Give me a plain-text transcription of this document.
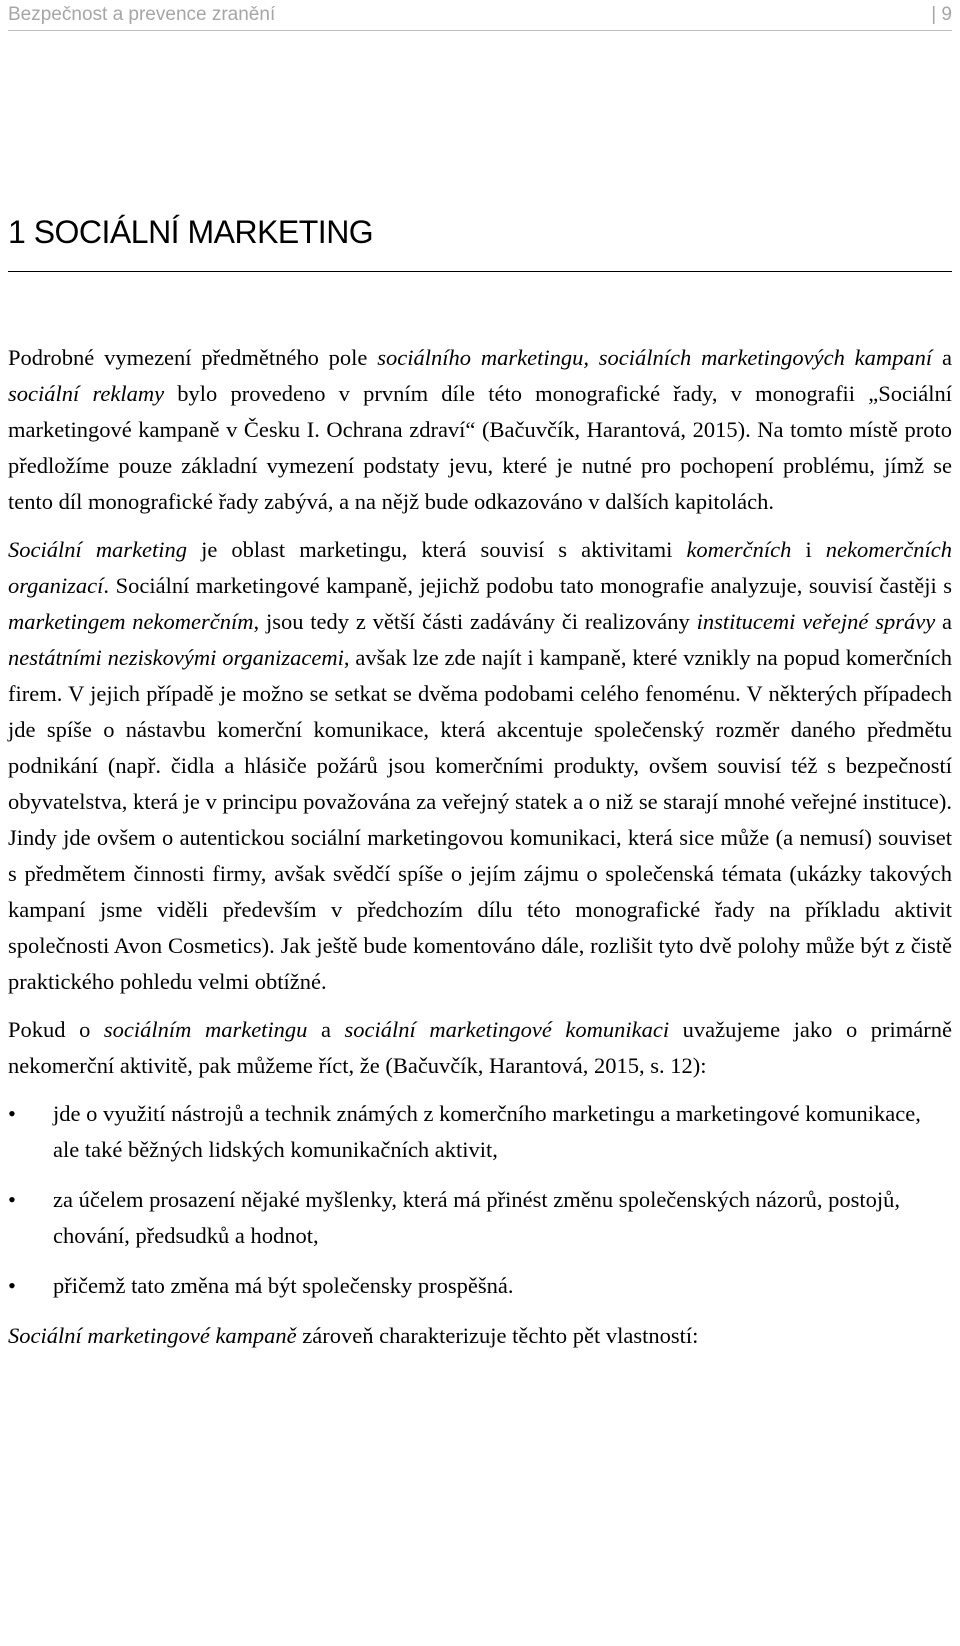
Bezpečnost a prevence zranění	| 9
1 SOCIÁLNÍ MARKETING

Podrobné vymezení předmětného pole sociálního marketingu, sociálních marketingových kampaní a sociální reklamy bylo provedeno v prvním díle této monografické řady, v monografii „Sociální marketingové kampaně v Česku I. Ochrana zdraví“ (Bačuvčík, Harantová, 2015). Na tomto místě proto předložíme pouze základní vymezení podstaty jevu, které je nutné pro pochopení problému, jímž se tento díl monografické řady zabývá, a na nějž bude odkazováno v dalších kapitolách.

Sociální marketing je oblast marketingu, která souvisí s aktivitami komerčních i nekomerčních organizací. Sociální marketingové kampaně, jejichž podobu tato monografie analyzuje, souvisí častěji s marketingem nekomerčním, jsou tedy z větší části zadávány či realizovány institucemi veřejné správy a nestátními neziskovými organizacemi, avšak lze zde najít i kampaně, které vznikly na popud komerčních firem. V jejich případě je možno se setkat se dvěma podobami celého fenoménu. V některých případech jde spíše o nástavbu komerční komunikace, která akcentuje společenský rozměr daného předmětu podnikání (např. čidla a hlásiče požárů jsou komerčními produkty, ovšem souvisí též s bezpečností obyvatelstva, která je v principu považována za veřejný statek a o niž se starají mnohé veřejné instituce). Jindy jde ovšem o autentickou sociální marketingovou komunikaci, která sice může (a nemusí) souviset s předmětem činnosti firmy, avšak svědčí spíše o jejím zájmu o společenská témata (ukázky takových kampaní jsme viděli především v předchozím dílu této monografické řady na příkladu aktivit společnosti Avon Cosmetics). Jak ještě bude komentováno dále, rozlišit tyto dvě polohy může být z čistě praktického pohledu velmi obtížné.

Pokud o sociálním marketingu a sociální marketingové komunikaci uvažujeme jako o primárně nekomerční aktivitě, pak můžeme říct, že (Bačuvčík, Harantová, 2015, s. 12):

• jde o využití nástrojů a technik známých z komerčního marketingu a marketingové komunikace, ale také běžných lidských komunikačních aktivit,
• za účelem prosazení nějaké myšlenky, která má přinést změnu společenských názorů, postojů, chování, předsudků a hodnot,
• přičemž tato změna má být společensky prospěšná.

Sociální marketingové kampaně zároveň charakterizuje těchto pět vlastností:
